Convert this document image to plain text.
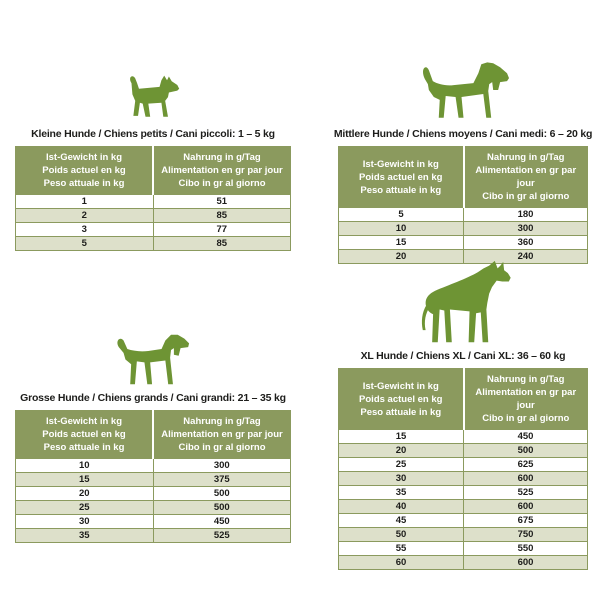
Kleine Hunde / Chiens petits / Cani piccoli: 1 – 5 kg
Ist-Gewicht in kg
Poids actuel en kg
Peso attuale in kg	Nahrung in g/Tag
Alimentation en gr par jour
Cibo in gr al giorno

1	51
2	85
3	77
5	85
Mittlere Hunde / Chiens moyens / Cani medi: 6 – 20 kg
Ist-Gewicht in kg
Poids actuel en kg
Peso attuale in kg	Nahrung in g/Tag
Alimentation en gr par jour
Cibo in gr al giorno

5	180
10	300
15	360
20	240
Grosse Hunde / Chiens grands / Cani grandi: 21 – 35 kg
Ist-Gewicht in kg
Poids actuel en kg
Peso attuale in kg	Nahrung in g/Tag
Alimentation en gr par jour
Cibo in gr al giorno

10	300
15	375
20	500
25	500
30	450
35	525
XL Hunde / Chiens XL / Cani XL: 36 – 60 kg
Ist-Gewicht in kg
Poids actuel en kg
Peso attuale in kg	Nahrung in g/Tag
Alimentation en gr par jour
Cibo in gr al giorno

15	450
20	500
25	625
30	600
35	525
40	600
45	675
50	750
55	550
60	600
